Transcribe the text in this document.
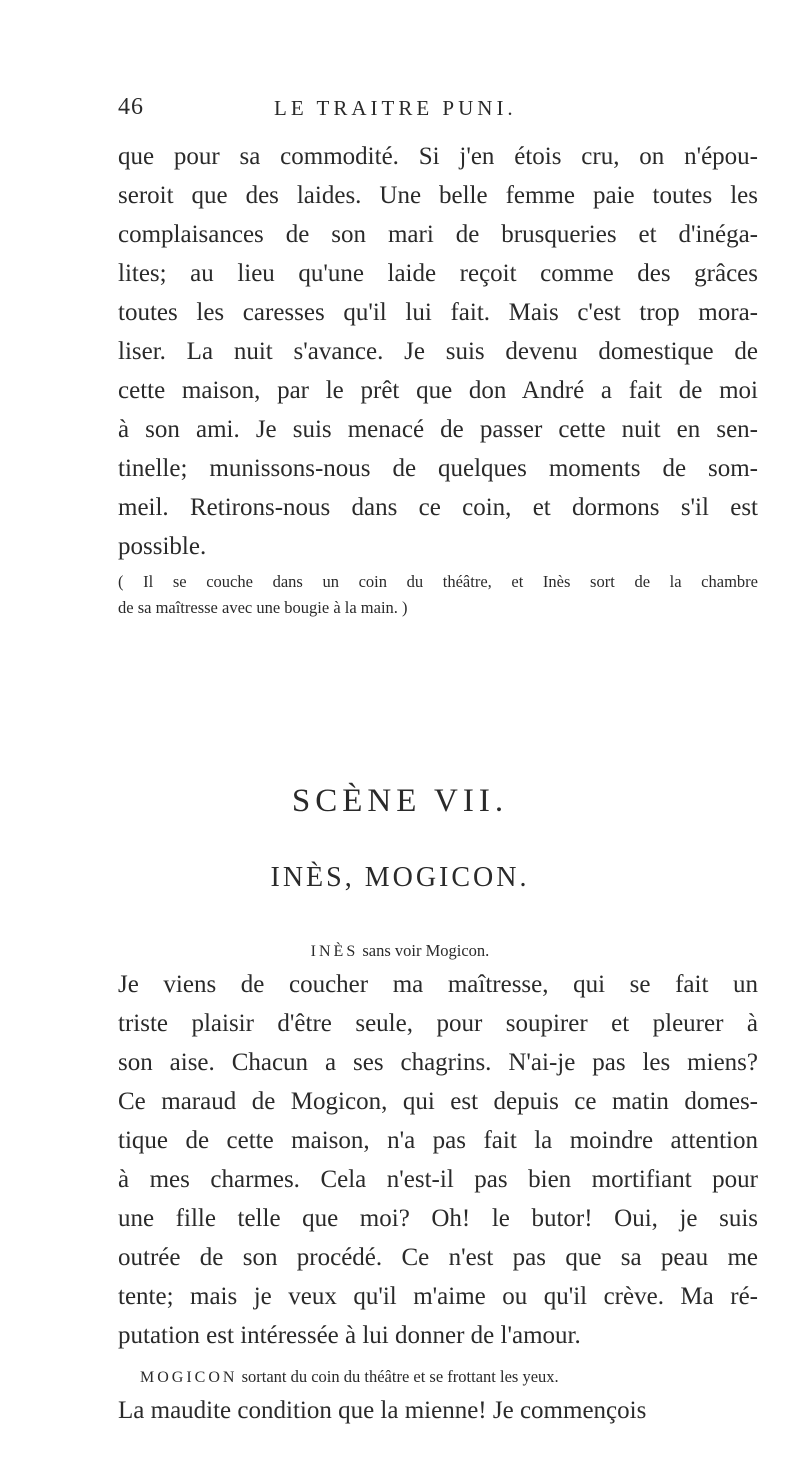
46	LE TRAITRE PUNI.
que pour sa commodité. Si j'en étois cru, on n'épou-
seroit que des laides. Une belle femme paie toutes les
complaisances de son mari de brusqueries et d'inéga-
lites; au lieu qu'une laide reçoit comme des grâces
toutes les caresses qu'il lui fait. Mais c'est trop mora-
liser. La nuit s'avance. Je suis devenu domestique de
cette maison, par le prêt que don André a fait de moi
à son ami. Je suis menacé de passer cette nuit en sen-
tinelle; munissons-nous de quelques moments de som-
meil. Retirons-nous dans ce coin, et dormons s'il est
possible.
( Il se couche dans un coin du théâtre, et Inès sort de la chambre
de sa maîtresse avec une bougie à la main. )
SCÈNE VII.
INÈS, MOGICON.
INÈS sans voir Mogicon.
Je viens de coucher ma maîtresse, qui se fait un
triste plaisir d'être seule, pour soupirer et pleurer à
son aise. Chacun a ses chagrins. N'ai-je pas les miens?
Ce maraud de Mogicon, qui est depuis ce matin domes-
tique de cette maison, n'a pas fait la moindre attention
à mes charmes. Cela n'est-il pas bien mortifiant pour
une fille telle que moi? Oh! le butor! Oui, je suis
outrée de son procédé. Ce n'est pas que sa peau me
tente; mais je veux qu'il m'aime ou qu'il crève. Ma ré-
putation est intéressée à lui donner de l'amour.
MOGICON sortant du coin du théâtre et se frottant les yeux.
La maudite condition que la mienne! Je commençois
